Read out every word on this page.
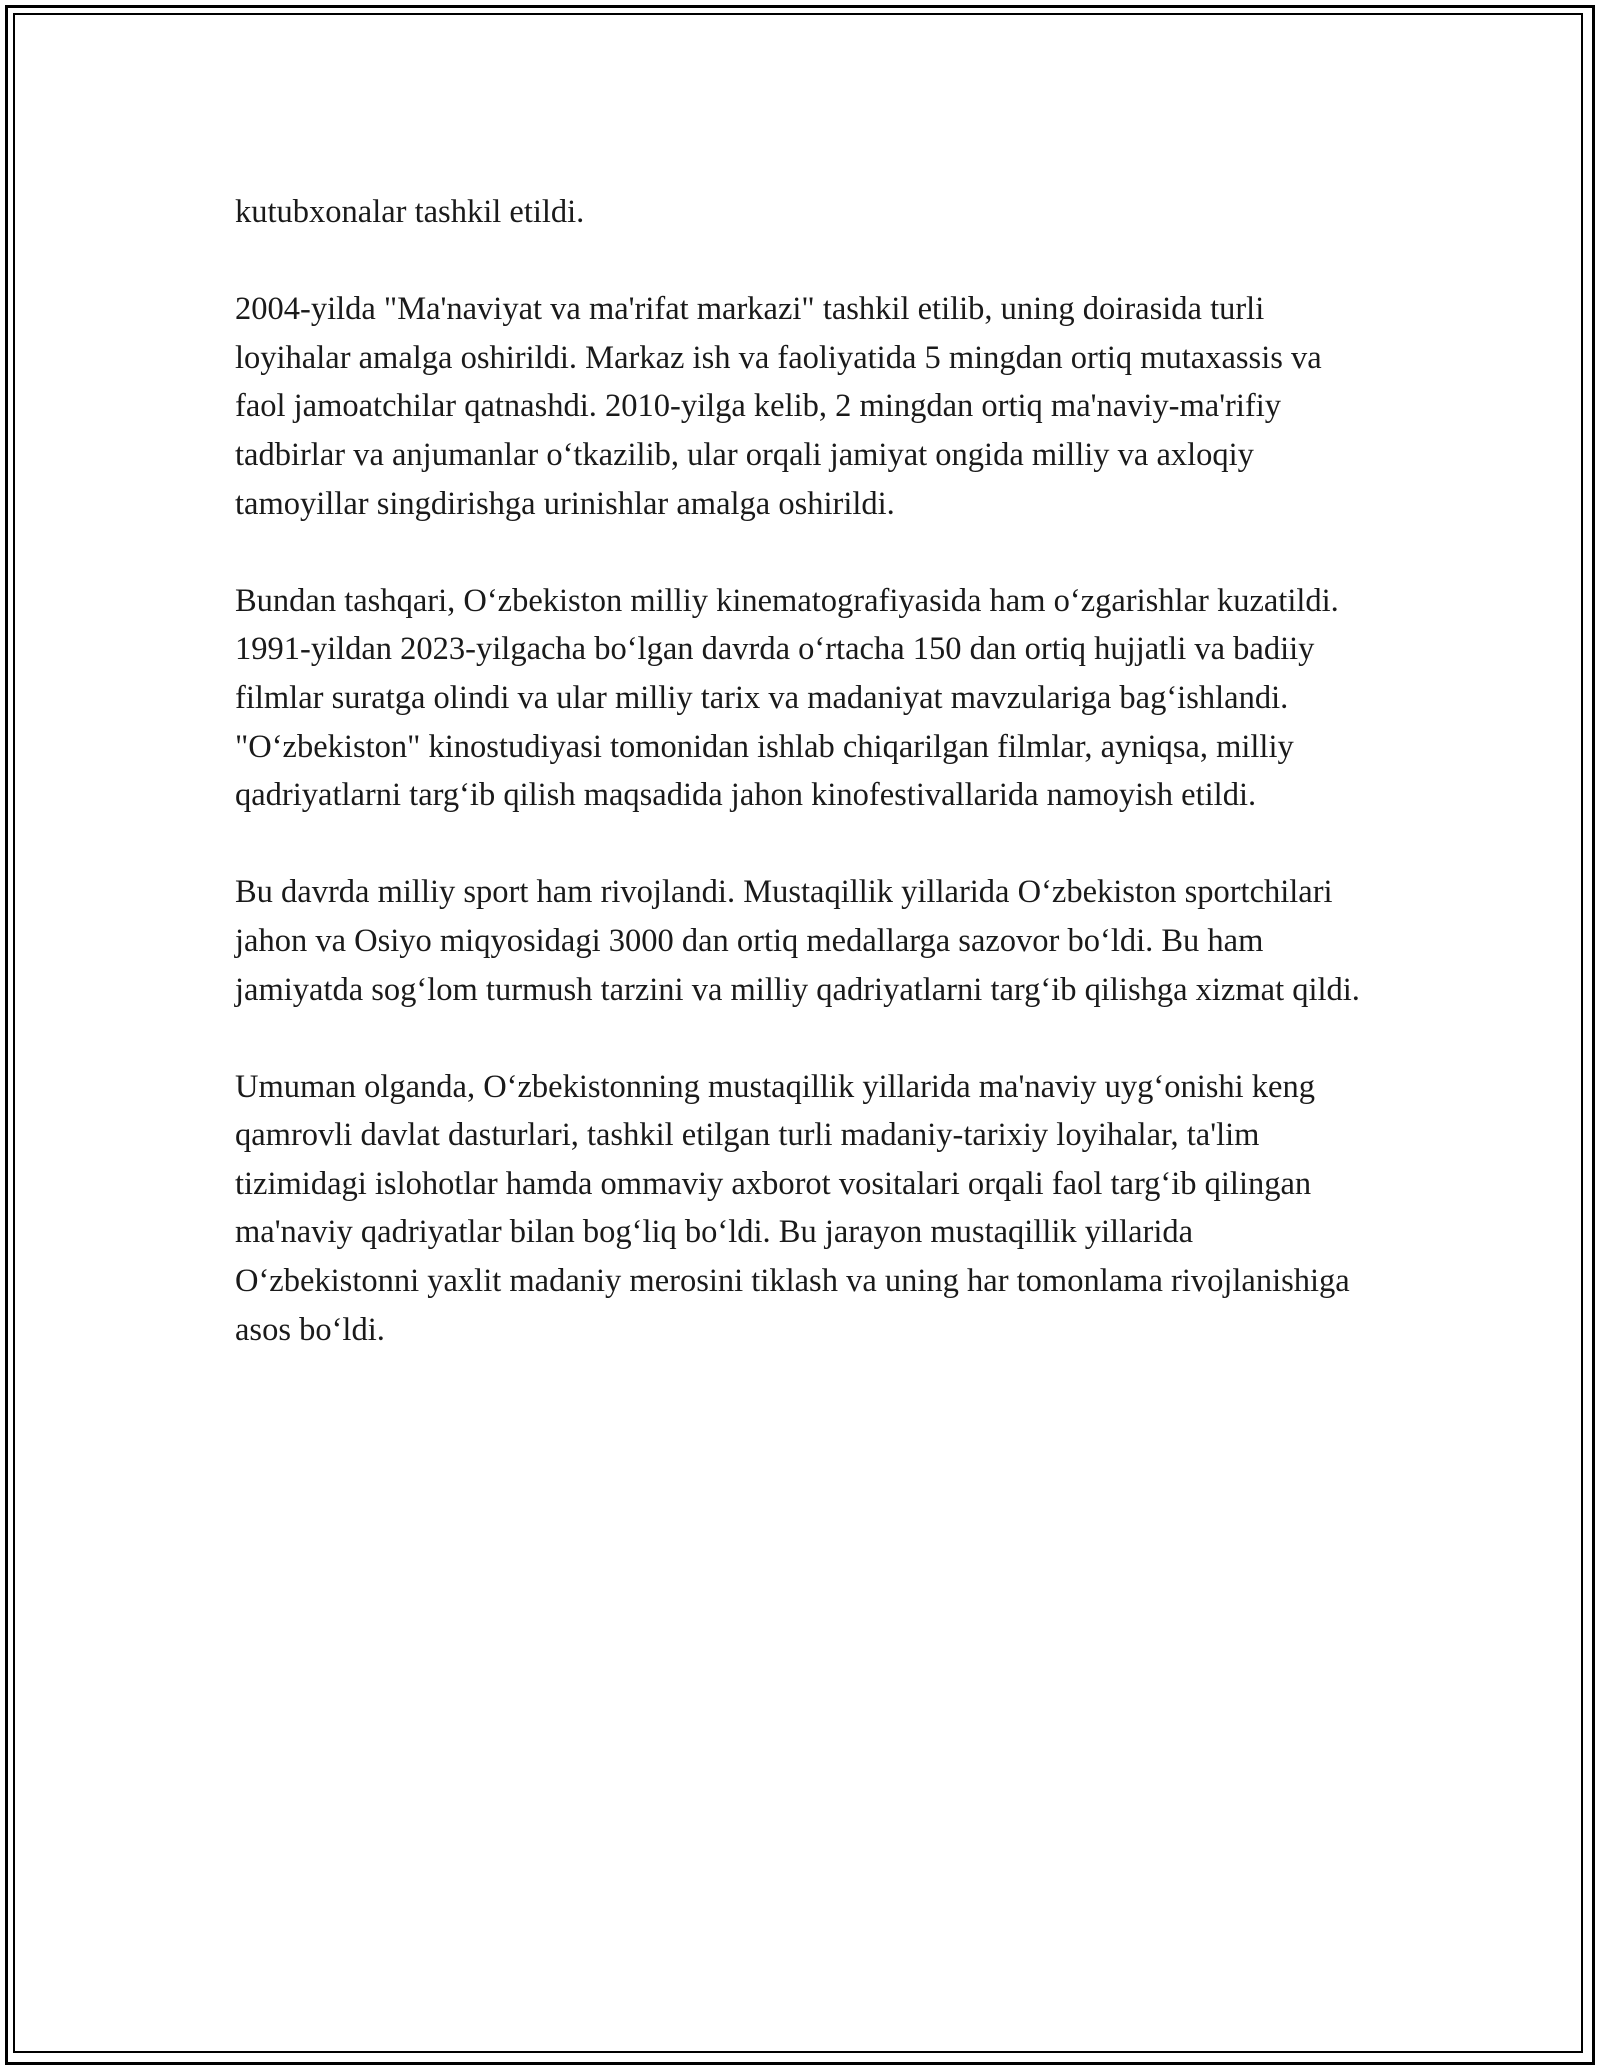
kutubxonalar tashkil etildi.

2004-yilda "Ma'naviyat va ma'rifat markazi" tashkil etilib, uning doirasida turli loyihalar amalga oshirildi. Markaz ish va faoliyatida 5 mingdan ortiq mutaxassis va faol jamoatchilar qatnashdi. 2010-yilga kelib, 2 mingdan ortiq ma'naviy-ma'rifiy tadbirlar va anjumanlar o‘tkazilib, ular orqali jamiyat ongida milliy va axloqiy tamoyillar singdirishga urinishlar amalga oshirildi.

Bundan tashqari, O‘zbekiston milliy kinematografiyasida ham o‘zgarishlar kuzatildi. 1991-yildan 2023-yilgacha bo‘lgan davrda o‘rtacha 150 dan ortiq hujjatli va badiiy filmlar suratga olindi va ular milliy tarix va madaniyat mavzulariga bag‘ishlandi. "O‘zbekiston" kinostudiyasi tomonidan ishlab chiqarilgan filmlar, ayniqsa, milliy qadriyatlarni targ‘ib qilish maqsadida jahon kinofestivallarida namoyish etildi.

Bu davrda milliy sport ham rivojlandi. Mustaqillik yillarida O‘zbekiston sportchilari jahon va Osiyo miqyosidagi 3000 dan ortiq medallarga sazovor bo‘ldi. Bu ham jamiyatda sog‘lom turmush tarzini va milliy qadriyatlarni targ‘ib qilishga xizmat qildi.

Umuman olganda, O‘zbekistonning mustaqillik yillarida ma'naviy uyg‘onishi keng qamrovli davlat dasturlari, tashkil etilgan turli madaniy-tarixiy loyihalar, ta'lim tizimidagi islohotlar hamda ommaviy axborot vositalari orqali faol targ‘ib qilingan ma'naviy qadriyatlar bilan bog‘liq bo‘ldi. Bu jarayon mustaqillik yillarida O‘zbekistonni yaxlit madaniy merosini tiklash va uning har tomonlama rivojlanishiga asos bo‘ldi.
